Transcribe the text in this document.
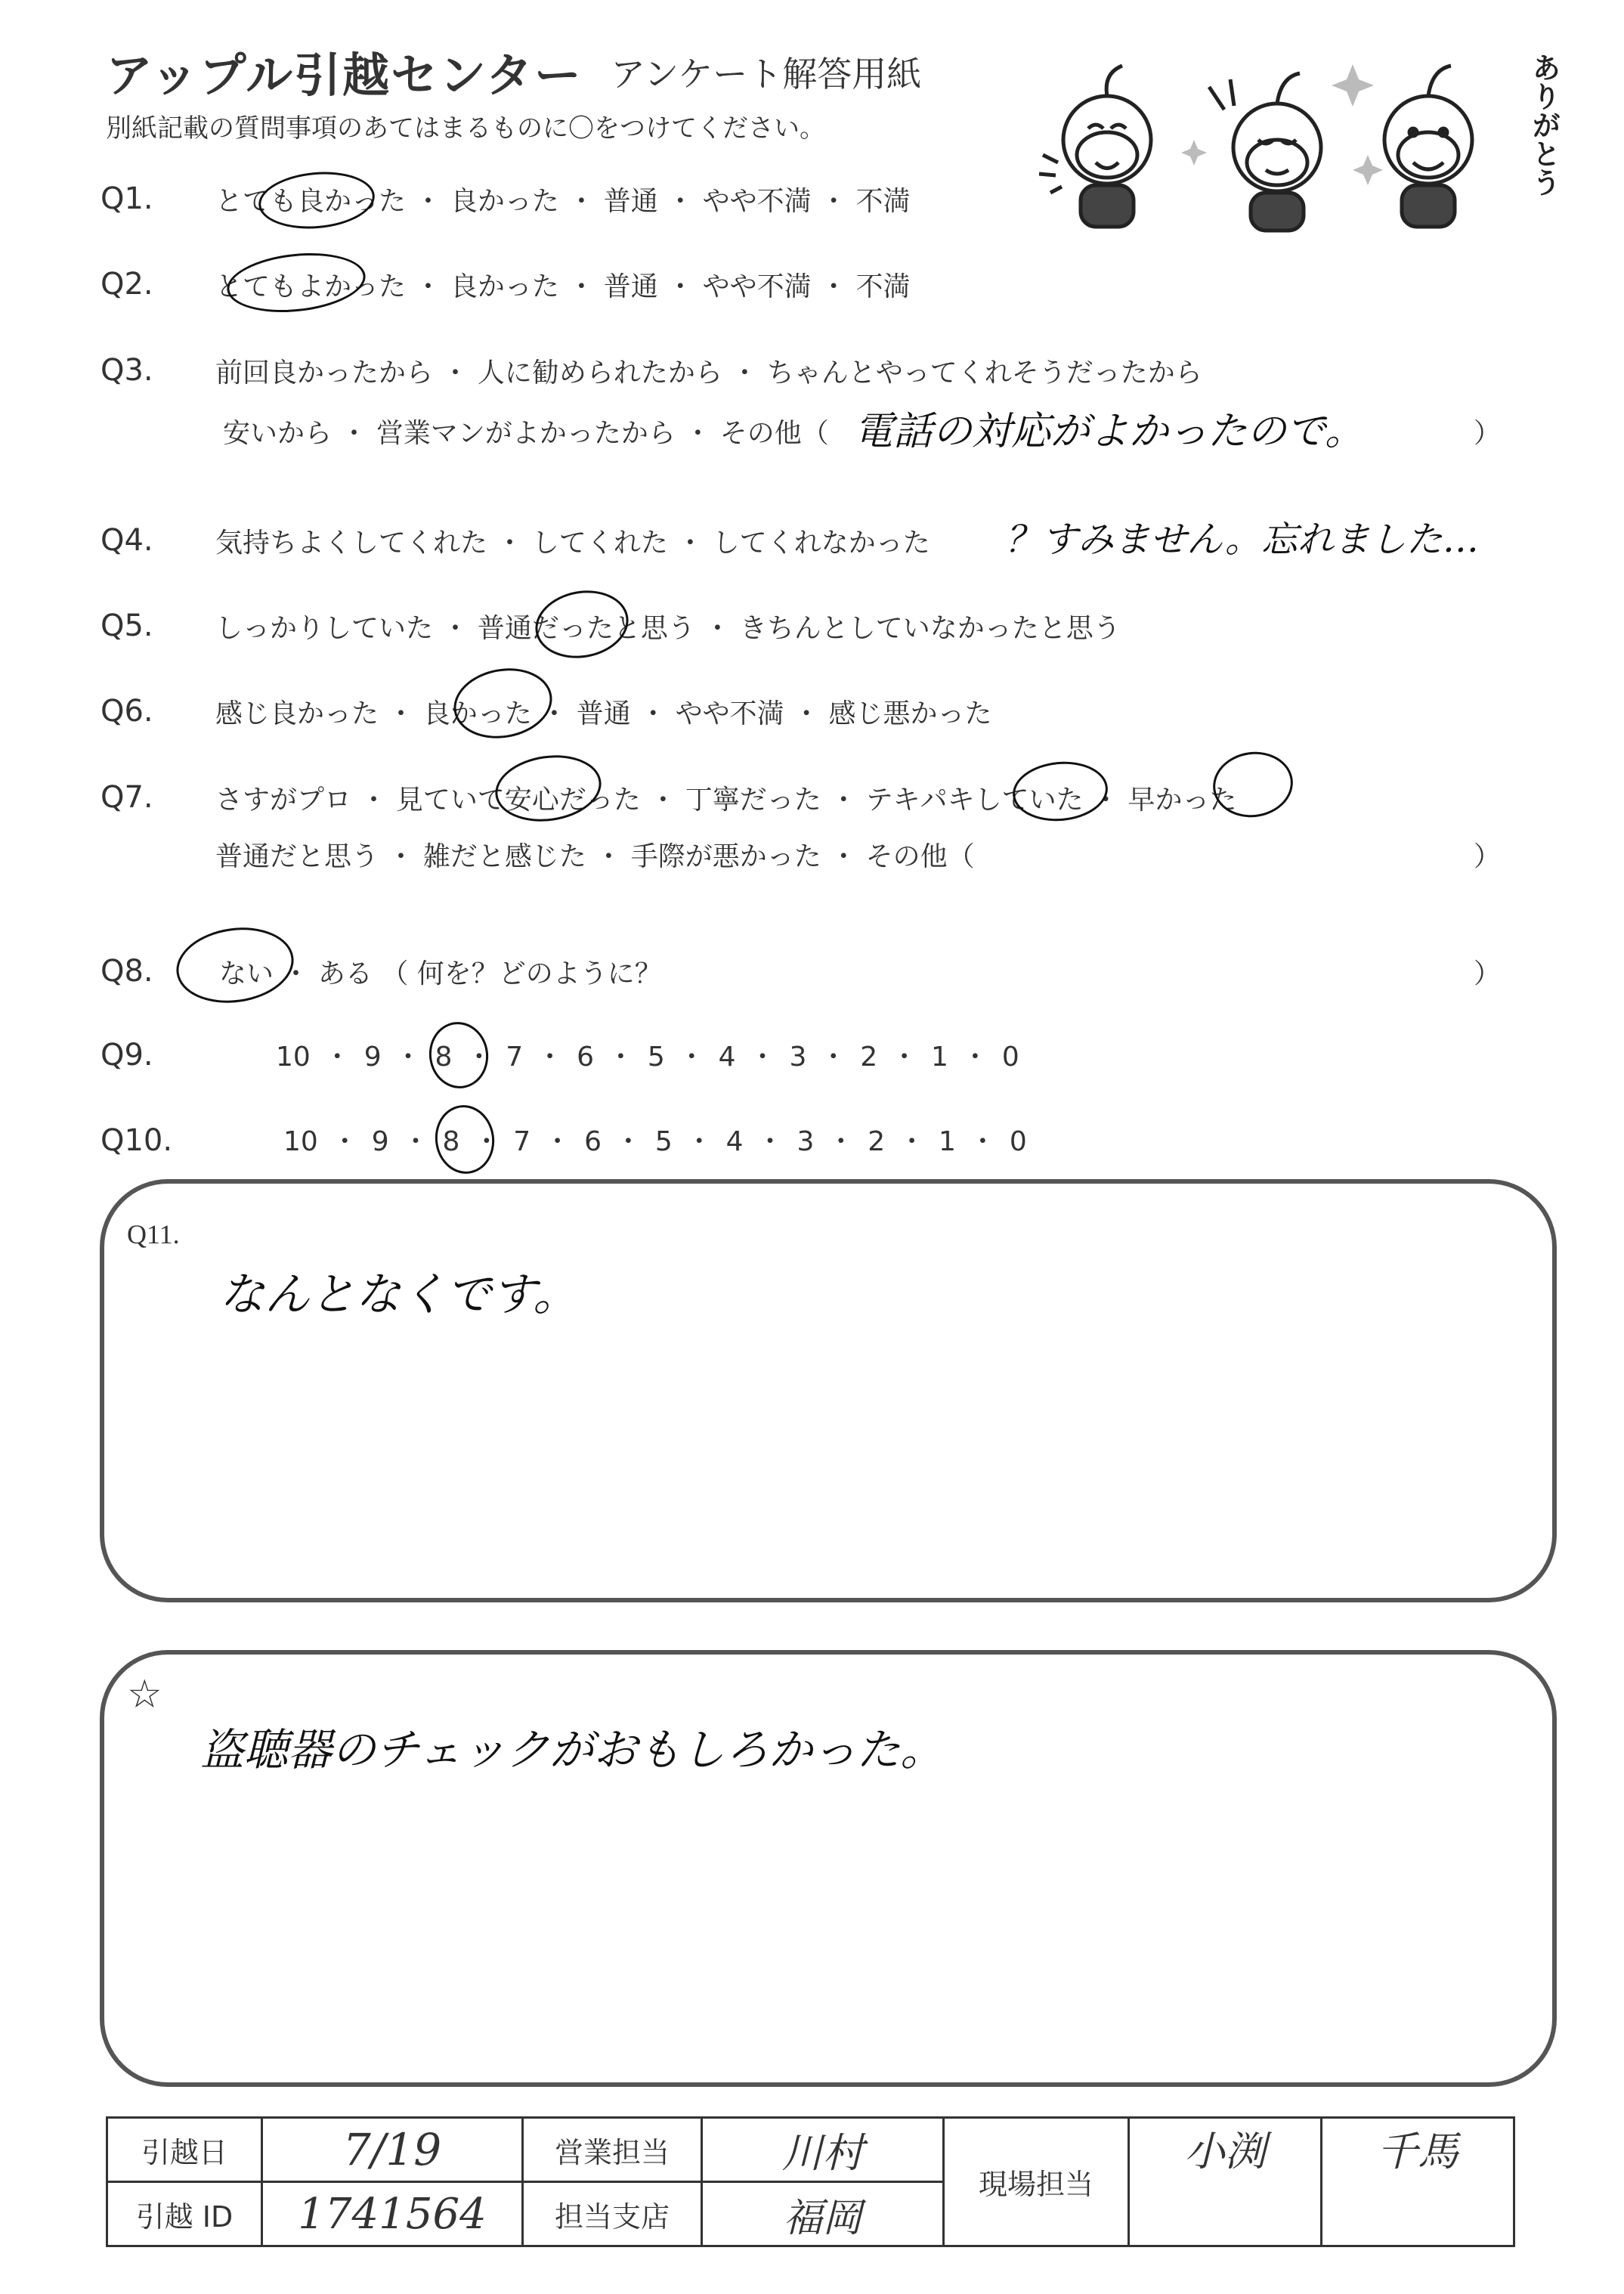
アップル引越センター アンケート解答用紙
別紙記載の質問事項のあてはまるものに〇をつけてください。	ありがとう
Q1. とても良かった ・ 良かった ・ 普通 ・ やや不満 ・ 不満
Q2. とてもよかった ・ 良かった ・ 普通 ・ やや不満 ・ 不満
Q3. 前回良かったから ・ 人に勧められたから ・ ちゃんとやってくれそうだったから
安いから ・ 営業マンがよかったから ・ その他（ 電話の対応がよかったので。	）
Q4. 気持ちよくしてくれた ・ してくれた ・ してくれなかった ？すみません。忘れました…
Q5. しっかりしていた ・ 普通だったと思う ・ きちんとしていなかったと思う
Q6. 感じ良かった ・ 良かった ・ 普通 ・ やや不満 ・ 感じ悪かった
Q7. さすがプロ ・ 見ていて安心だった ・ 丁寧だった ・ テキパキしていた ・ 早かった
普通だと思う ・ 雑だと感じた ・ 手際が悪かった ・ その他（	）
Q8. ない ・ ある （ 何を？どのように？	）
Q9.	10 ・ 9 ・ 8 ・ 7 ・ 6 ・ 5 ・ 4 ・ 3 ・ 2 ・ 1 ・ 0
Q10.	10 ・ 9 ・ 8 ・ 7 ・ 6 ・ 5 ・ 4 ・ 3 ・ 2 ・ 1 ・ 0
Q11.
なんとなくです。
☆
盗聴器のチェックがおもしろかった。
引越日	7/19	営業担当	川村	現場担当	小渕	千馬
引越 ID	1741564	担当支店	福岡			
